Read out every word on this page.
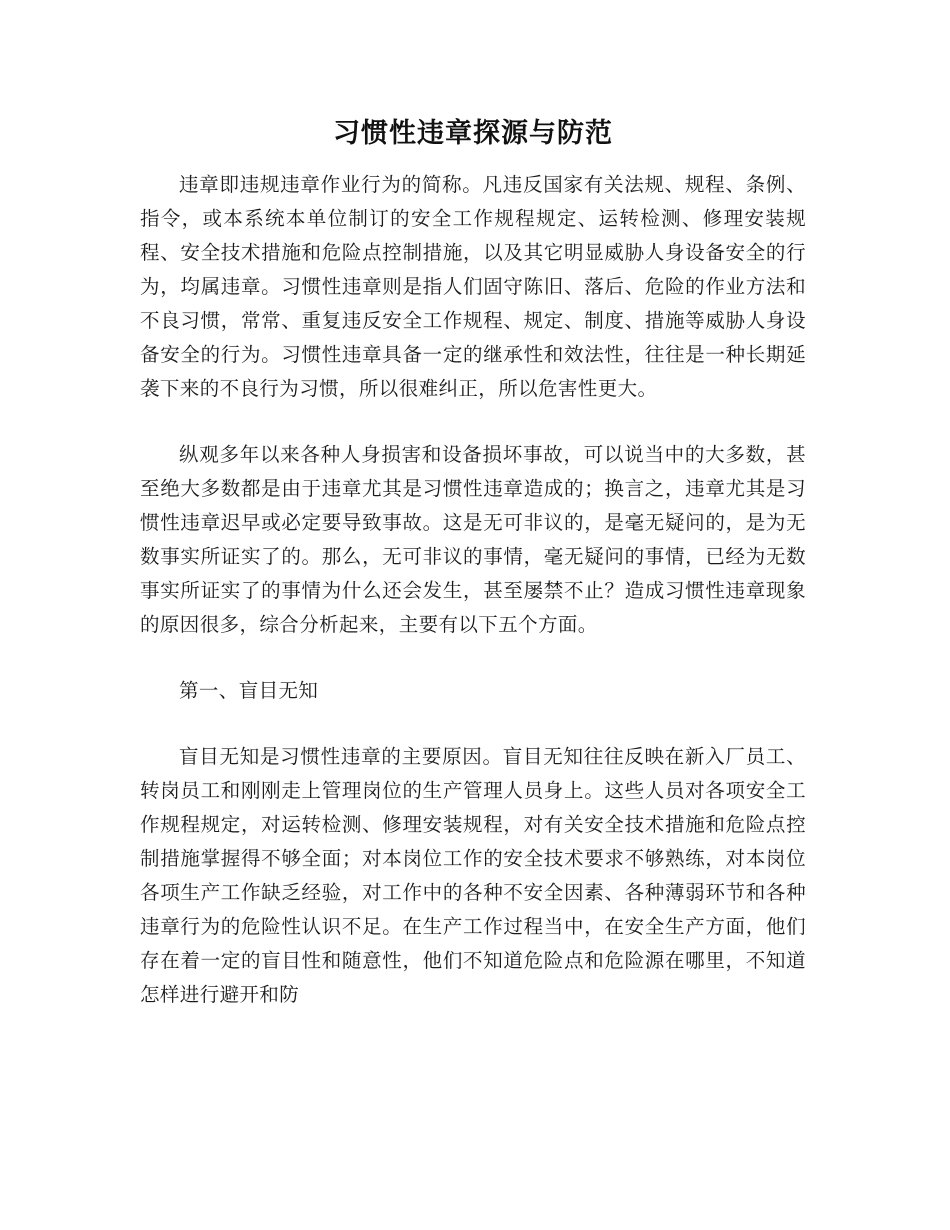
习惯性违章探源与防范

违章即违规违章作业行为的简称。凡违反国家有关法规、规程、条例、指令，或本系统本单位制订的安全工作规程规定、运转检测、修理安装规程、安全技术措施和危险点控制措施，以及其它明显威胁人身设备安全的行为，均属违章。习惯性违章则是指人们固守陈旧、落后、危险的作业方法和不良习惯，常常、重复违反安全工作规程、规定、制度、措施等威胁人身设备安全的行为。习惯性违章具备一定的继承性和效法性，往往是一种长期延袭下来的不良行为习惯，所以很难纠正，所以危害性更大。

纵观多年以来各种人身损害和设备损坏事故，可以说当中的大多数，甚至绝大多数都是由于违章尤其是习惯性违章造成的；换言之，违章尤其是习惯性违章迟早或必定要导致事故。这是无可非议的，是毫无疑问的，是为无数事实所证实了的。那么，无可非议的事情，毫无疑问的事情，已经为无数事实所证实了的事情为什么还会发生，甚至屡禁不止？造成习惯性违章现象的原因很多，综合分析起来，主要有以下五个方面。

第一、盲目无知

盲目无知是习惯性违章的主要原因。盲目无知往往反映在新入厂员工、转岗员工和刚刚走上管理岗位的生产管理人员身上。这些人员对各项安全工作规程规定，对运转检测、修理安装规程，对有关安全技术措施和危险点控制措施掌握得不够全面；对本岗位工作的安全技术要求不够熟练，对本岗位各项生产工作缺乏经验，对工作中的各种不安全因素、各种薄弱环节和各种违章行为的危险性认识不足。在生产工作过程当中，在安全生产方面，他们存在着一定的盲目性和随意性，他们不知道危险点和危险源在哪里，不知道怎样进行避开和防
